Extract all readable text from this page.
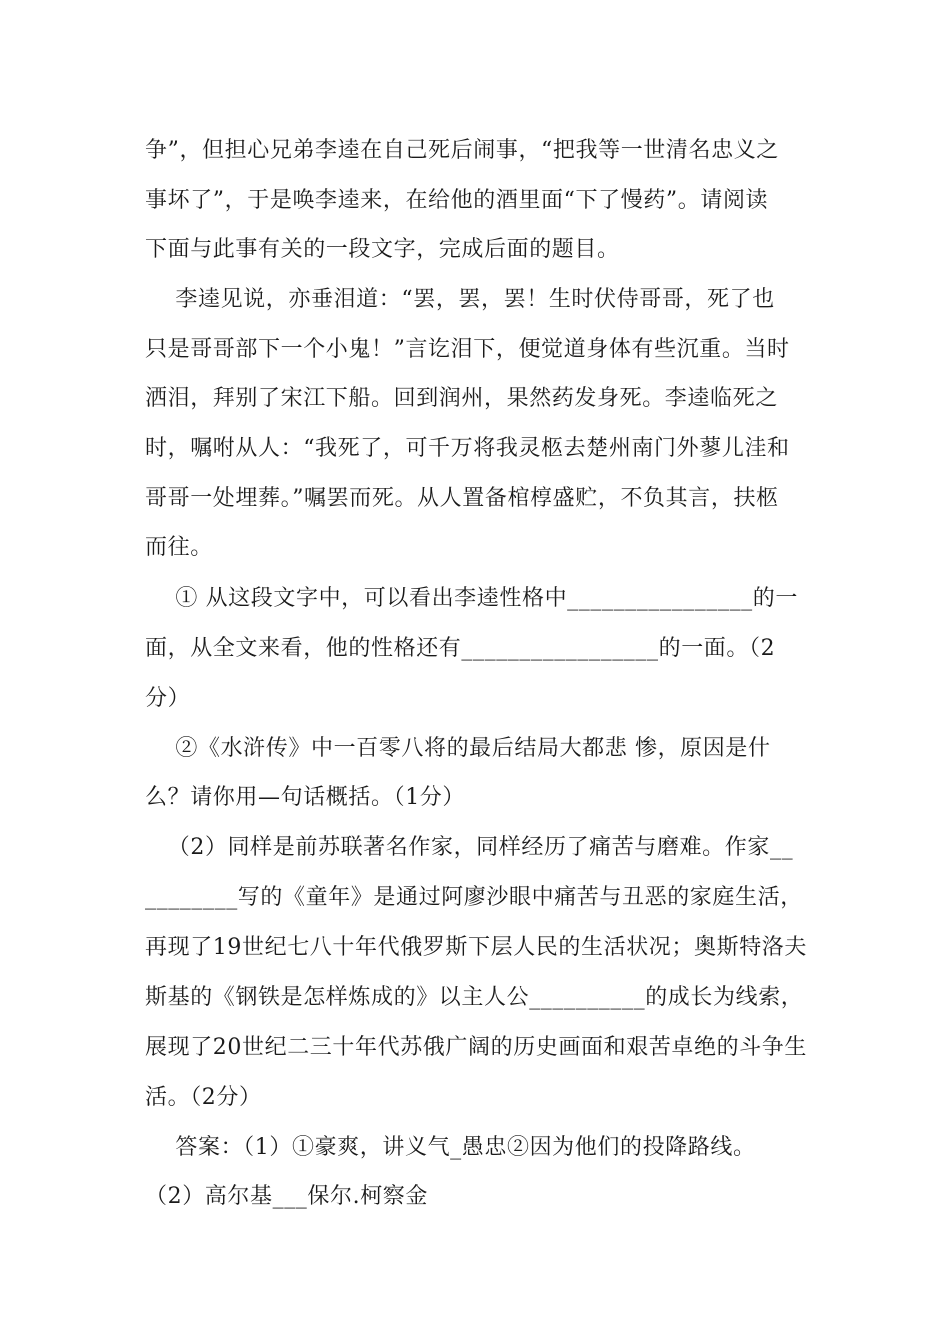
争”，但担心兄弟李逵在自己死后闹事，“把我等一世清名忠义之
事坏了”，于是唤李逵来，在给他的酒里面“下了慢药”。请阅读
下面与此事有关的一段文字，完成后面的题目。
李逵见说，亦垂泪道：“罢，罢，罢！生时伏侍哥哥，死了也
只是哥哥部下一个小鬼！”言讫泪下，便觉道身体有些沉重。当时
洒泪，拜别了宋江下船。回到润州，果然药发身死。李逵临死之
时，嘱咐从人：“我死了，可千万将我灵柩去楚州南门外蓼儿洼和
哥哥一处埋葬。”嘱罢而死。从人置备棺椁盛贮，不负其言，扶柩
而往。
① 从这段文字中，可以看出李逵性格中________________的一
面，从全文来看，他的性格还有_________________的一面。（2
分）
②《水浒传》中一百零八将的最后结局大都悲 惨，原因是什
么？请你用—句话概括。（1分）
（2）同样是前苏联著名作家，同样经历了痛苦与磨难。作家__
________写的《童年》是通过阿廖沙眼中痛苦与丑恶的家庭生活，
再现了19世纪七八十年代俄罗斯下层人民的生活状况；奥斯特洛夫
斯基的《钢铁是怎样炼成的》以主人公__________的成长为线索，
展现了20世纪二三十年代苏俄广阔的历史画面和艰苦卓绝的斗争生
活。（2分）
答案：（1）①豪爽，讲义气_愚忠②因为他们的投降路线。
（2）高尔基___保尔.柯察金
